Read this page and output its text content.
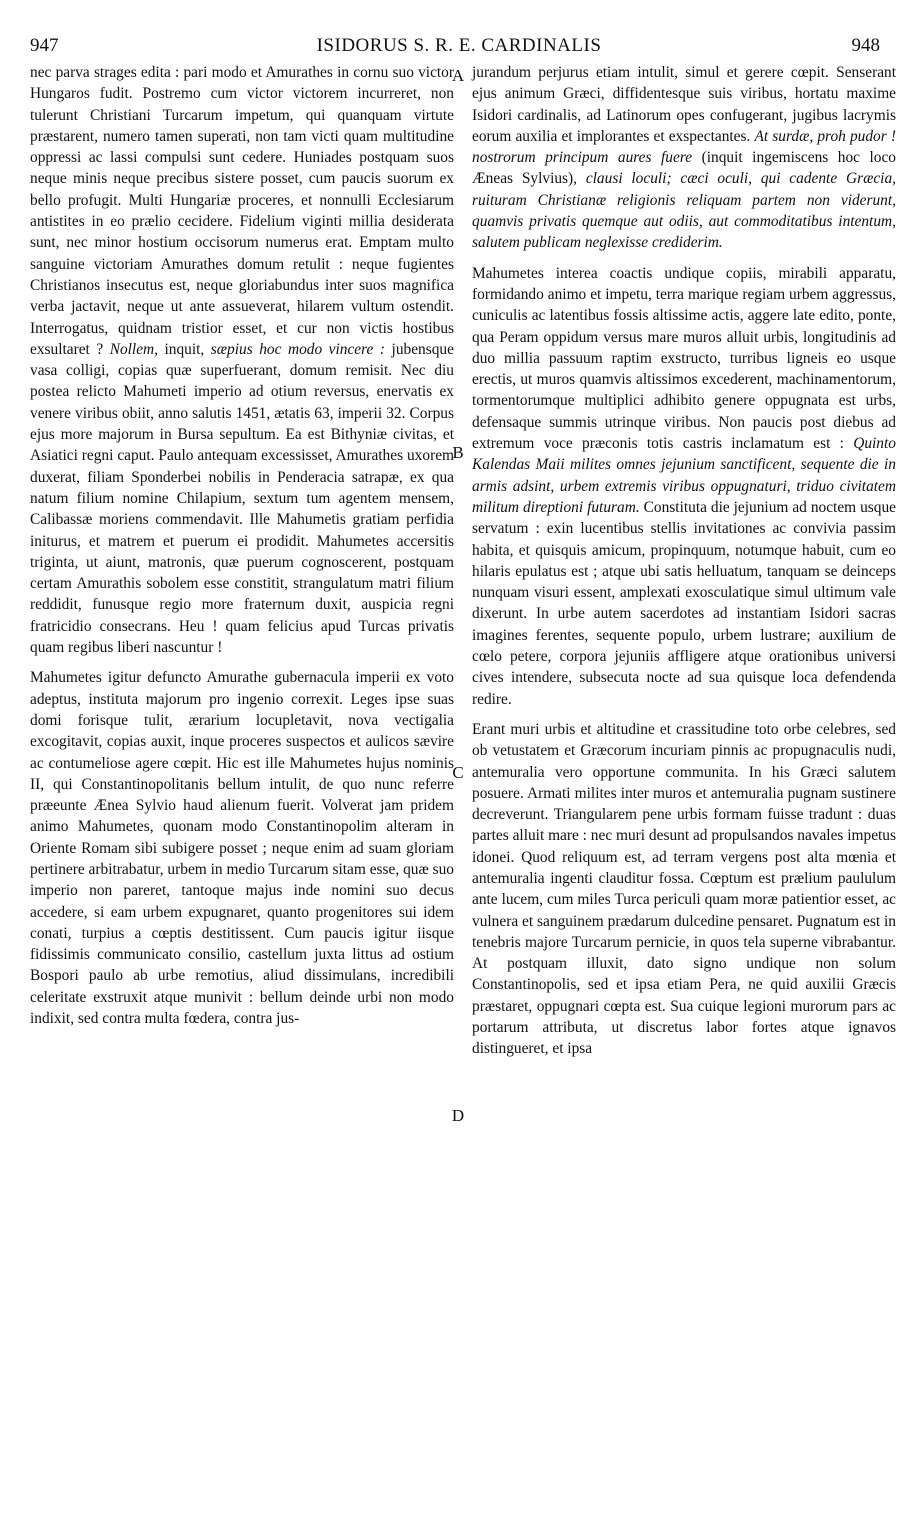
947	ISIDORUS S. R. E. CARDINALIS	948

nec parva strages edita : pari modo et Amurathes in cornu suo victor Hungaros fudit. Postremo cum victor victorem incurreret, non tulerunt Christiani Turcarum impetum, qui quanquam virtute præstarent, numero tamen superati, non tam victi quam multitudine oppressi ac lassi compulsi sunt cedere. Huniades postquam suos neque minis neque precibus sistere posset, cum paucis suorum ex bello profugit. Multi Hungariæ proceres, et nonnulli Ecclesiarum antistites in eo prælio cecidere. Fidelium viginti millia desiderata sunt, nec minor hostium occisorum numerus erat. Emptam multo sanguine victoriam Amurathes domum retulit : neque fugientes Christianos insecutus est, neque gloriabundus inter suos magnifica verba jactavit, neque ut ante assueverat, hilarem vultum ostendit. Interrogatus, quidnam tristior esset, et cur non victis hostibus exsultaret ? Nollem, inquit, sæpius hoc modo vincere : jubensque vasa colligi, copias quæ superfuerant, domum remisit. Nec diu postea relicto Mahumeti imperio ad otium reversus, enervatis ex venere viribus obiit, anno salutis 1451, ætatis 63, imperii 32. Corpus ejus more majorum in Bursa sepultum. Ea est Bithyniæ civitas, et Asiatici regni caput. Paulo antequam excessisset, Amurathes uxorem duxerat, filiam Sponderbei nobilis in Penderacia satrapæ, ex qua natum filium nomine Chilapium, sextum tum agentem mensem, Calibassæ moriens commendavit. Ille Mahumetis gratiam perfidia initurus, et matrem et puerum ei prodidit. Mahumetes accersitis triginta, ut aiunt, matronis, quæ puerum cognoscerent, postquam certam Amurathis sobolem esse constitit, strangulatum matri filium reddidit, funusque regio more fraternum duxit, auspicia regni fratricidio consecrans. Heu ! quam felicius apud Turcas privatis quam regibus liberi nascuntur !

Mahumetes igitur defuncto Amurathe gubernacula imperii ex voto adeptus, instituta majorum pro ingenio correxit. Leges ipse suas domi forisque tulit, ærarium locupletavit, nova vectigalia excogitavit, copias auxit, inque proceres suspectos et aulicos sævire ac contumeliose agere cœpit. Hic est ille Mahumetes hujus nominis II, qui Constantinopolitanis bellum intulit, de quo nunc referre præeunte Ænea Sylvio haud alienum fuerit. Volverat jam pridem animo Mahumetes, quonam modo Constantinopolim alteram in Oriente Romam sibi subigere posset ; neque enim ad suam gloriam pertinere arbitrabatur, urbem in medio Turcarum sitam esse, quæ suo imperio non pareret, tantoque majus inde nomini suo decus accedere, si eam urbem expugnaret, quanto progenitores sui idem conati, turpius a cœptis destitissent. Cum paucis igitur iisque fidissimis communicato consilio, castellum juxta littus ad ostium Bospori paulo ab urbe remotius, aliud dissimulans, incredibili celeritate exstruxit atque munivit : bellum deinde urbi non modo indixit, sed contra multa fœdera, contra jus-

A
B
C
D

jurandum perjurus etiam intulit, simul et gerere cœpit. Senserant ejus animum Græci, diffidentesque suis viribus, hortatu maxime Isidori cardinalis, ad Latinorum opes confugerant, jugibus lacrymis eorum auxilia et implorantes et exspectantes. At surdæ, proh pudor ! nostrorum principum aures fuere (inquit ingemiscens hoc loco Æneas Sylvius), clausi loculi; cæci oculi, qui cadente Græcia, ruituram Christianæ religionis reliquam partem non viderunt, quamvis privatis quemque aut odiis, aut commoditatibus intentum, salutem publicam neglexisse crediderim.

Mahumetes interea coactis undique copiis, mirabili apparatu, formidando animo et impetu, terra marique regiam urbem aggressus, cuniculis ac latentibus fossis altissime actis, aggere late edito, ponte, qua Peram oppidum versus mare muros alluit urbis, longitudinis ad duo millia passuum raptim exstructo, turribus ligneis eo usque erectis, ut muros quamvis altissimos excederent, machinamentorum, tormentorumque multiplici adhibito genere oppugnata est urbs, defensaque summis utrinque viribus. Non paucis post diebus ad extremum voce præconis totis castris inclamatum est : Quinto Kalendas Maii milites omnes jejunium sanctificent, sequente die in armis adsint, urbem extremis viribus oppugnaturi, triduo civitatem militum direptioni futuram. Constituta die jejunium ad noctem usque servatum : exin lucentibus stellis invitationes ac convivia passim habita, et quisquis amicum, propinquum, notumque habuit, cum eo hilaris epulatus est ; atque ubi satis helluatum, tanquam se deinceps nunquam visuri essent, amplexati exosculatique simul ultimum vale dixerunt. In urbe autem sacerdotes ad instantiam Isidori sacras imagines ferentes, sequente populo, urbem lustrare; auxilium de cœlo petere, corpora jejuniis affligere atque orationibus universi cives intendere, subsecuta nocte ad sua quisque loca defendenda redire.

Erant muri urbis et altitudine et crassitudine toto orbe celebres, sed ob vetustatem et Græcorum incuriam pinnis ac propugnaculis nudi, antemuralia vero opportune communita. In his Græci salutem posuere. Armati milites inter muros et antemuralia pugnam sustinere decreverunt. Triangularem pene urbis formam fuisse tradunt : duas partes alluit mare : nec muri desunt ad propulsandos navales impetus idonei. Quod reliquum est, ad terram vergens post alta mœnia et antemuralia ingenti clauditur fossa. Cœptum est prælium paululum ante lucem, cum miles Turca periculi quam moræ patientior esset, ac vulnera et sanguinem prædarum dulcedine pensaret. Pugnatum est in tenebris majore Turcarum pernicie, in quos tela superne vibrabantur. At postquam illuxit, dato signo undique non solum Constantinopolis, sed et ipsa etiam Pera, ne quid auxilii Græcis præstaret, oppugnari cœpta est. Sua cuique legioni murorum pars ac portarum attributa, ut discretus labor fortes atque ignavos distingueret, et ipsa
